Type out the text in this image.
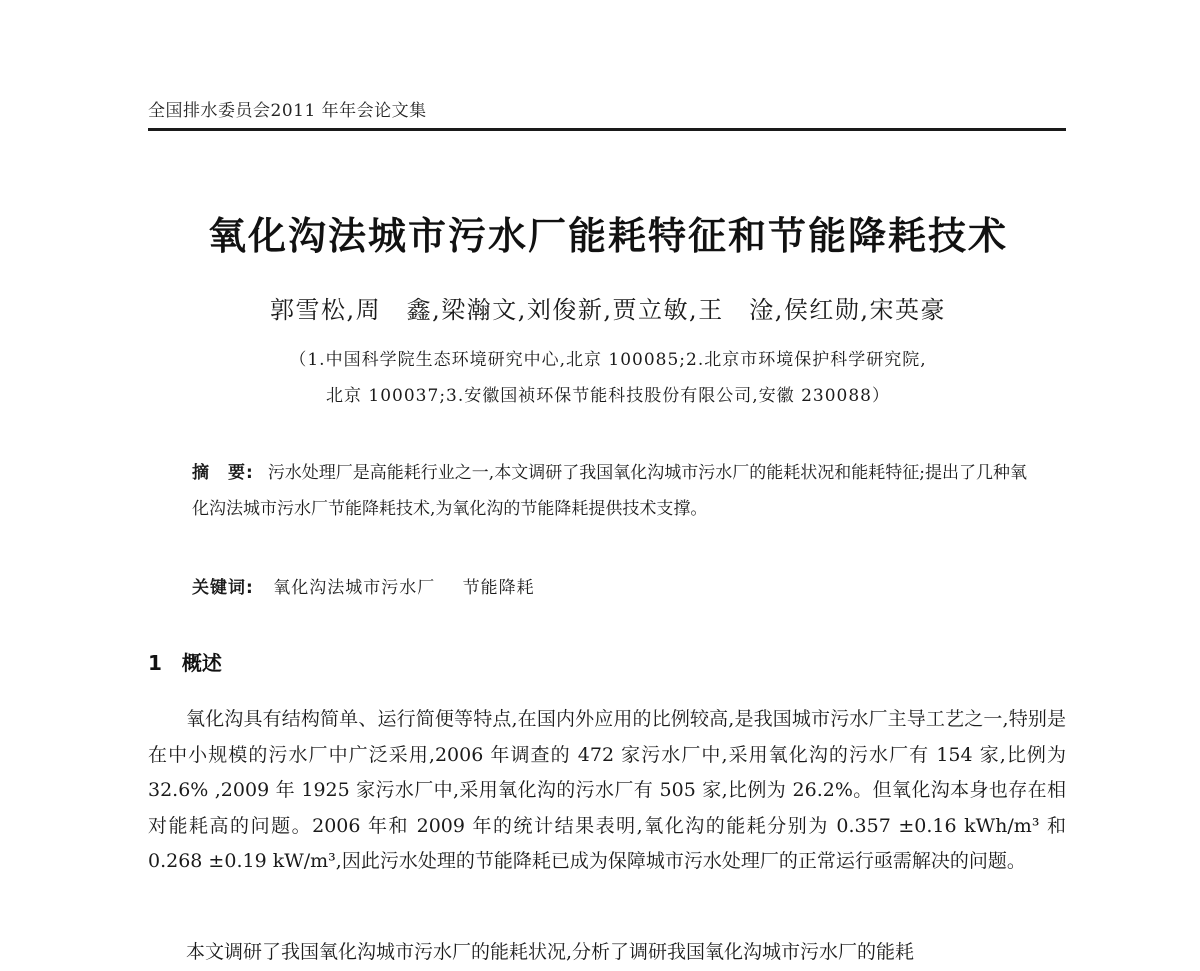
全国排水委员会2011 年年会论文集
氧化沟法城市污水厂能耗特征和节能降耗技术
郭雪松,周　鑫,梁瀚文,刘俊新,贾立敏,王　淦,侯红勋,宋英豪
（1.中国科学院生态环境研究中心,北京 100085;2.北京市环境保护科学研究院,
北京 100037;3.安徽国祯环保节能科技股份有限公司,安徽 230088）

摘　要: 污水处理厂是高能耗行业之一,本文调研了我国氧化沟城市污水厂的能耗状况和能耗特征;提出了几种氧化沟法城市污水厂节能降耗技术,为氧化沟的节能降耗提供技术支撑。

关键词: 氧化沟法城市污水厂 节能降耗
1 概述

氧化沟具有结构简单、运行简便等特点,在国内外应用的比例较高,是我国城市污水厂主导工艺之一,特别是在中小规模的污水厂中广泛采用,2006 年调查的 472 家污水厂中,采用氧化沟的污水厂有 154 家,比例为 32.6% ,2009 年 1925 家污水厂中,采用氧化沟的污水厂有 505 家,比例为 26.2%。但氧化沟本身也存在相对能耗高的问题。2006 年和 2009 年的统计结果表明,氧化沟的能耗分别为 0.357 ±0.16 kWh/m³ 和 0.268 ±0.19 kW/m³,因此污水处理的节能降耗已成为保障城市污水处理厂的正常运行亟需解决的问题。

本文调研了我国氧化沟城市污水厂的能耗状况,分析了调研我国氧化沟城市污水厂的能耗
